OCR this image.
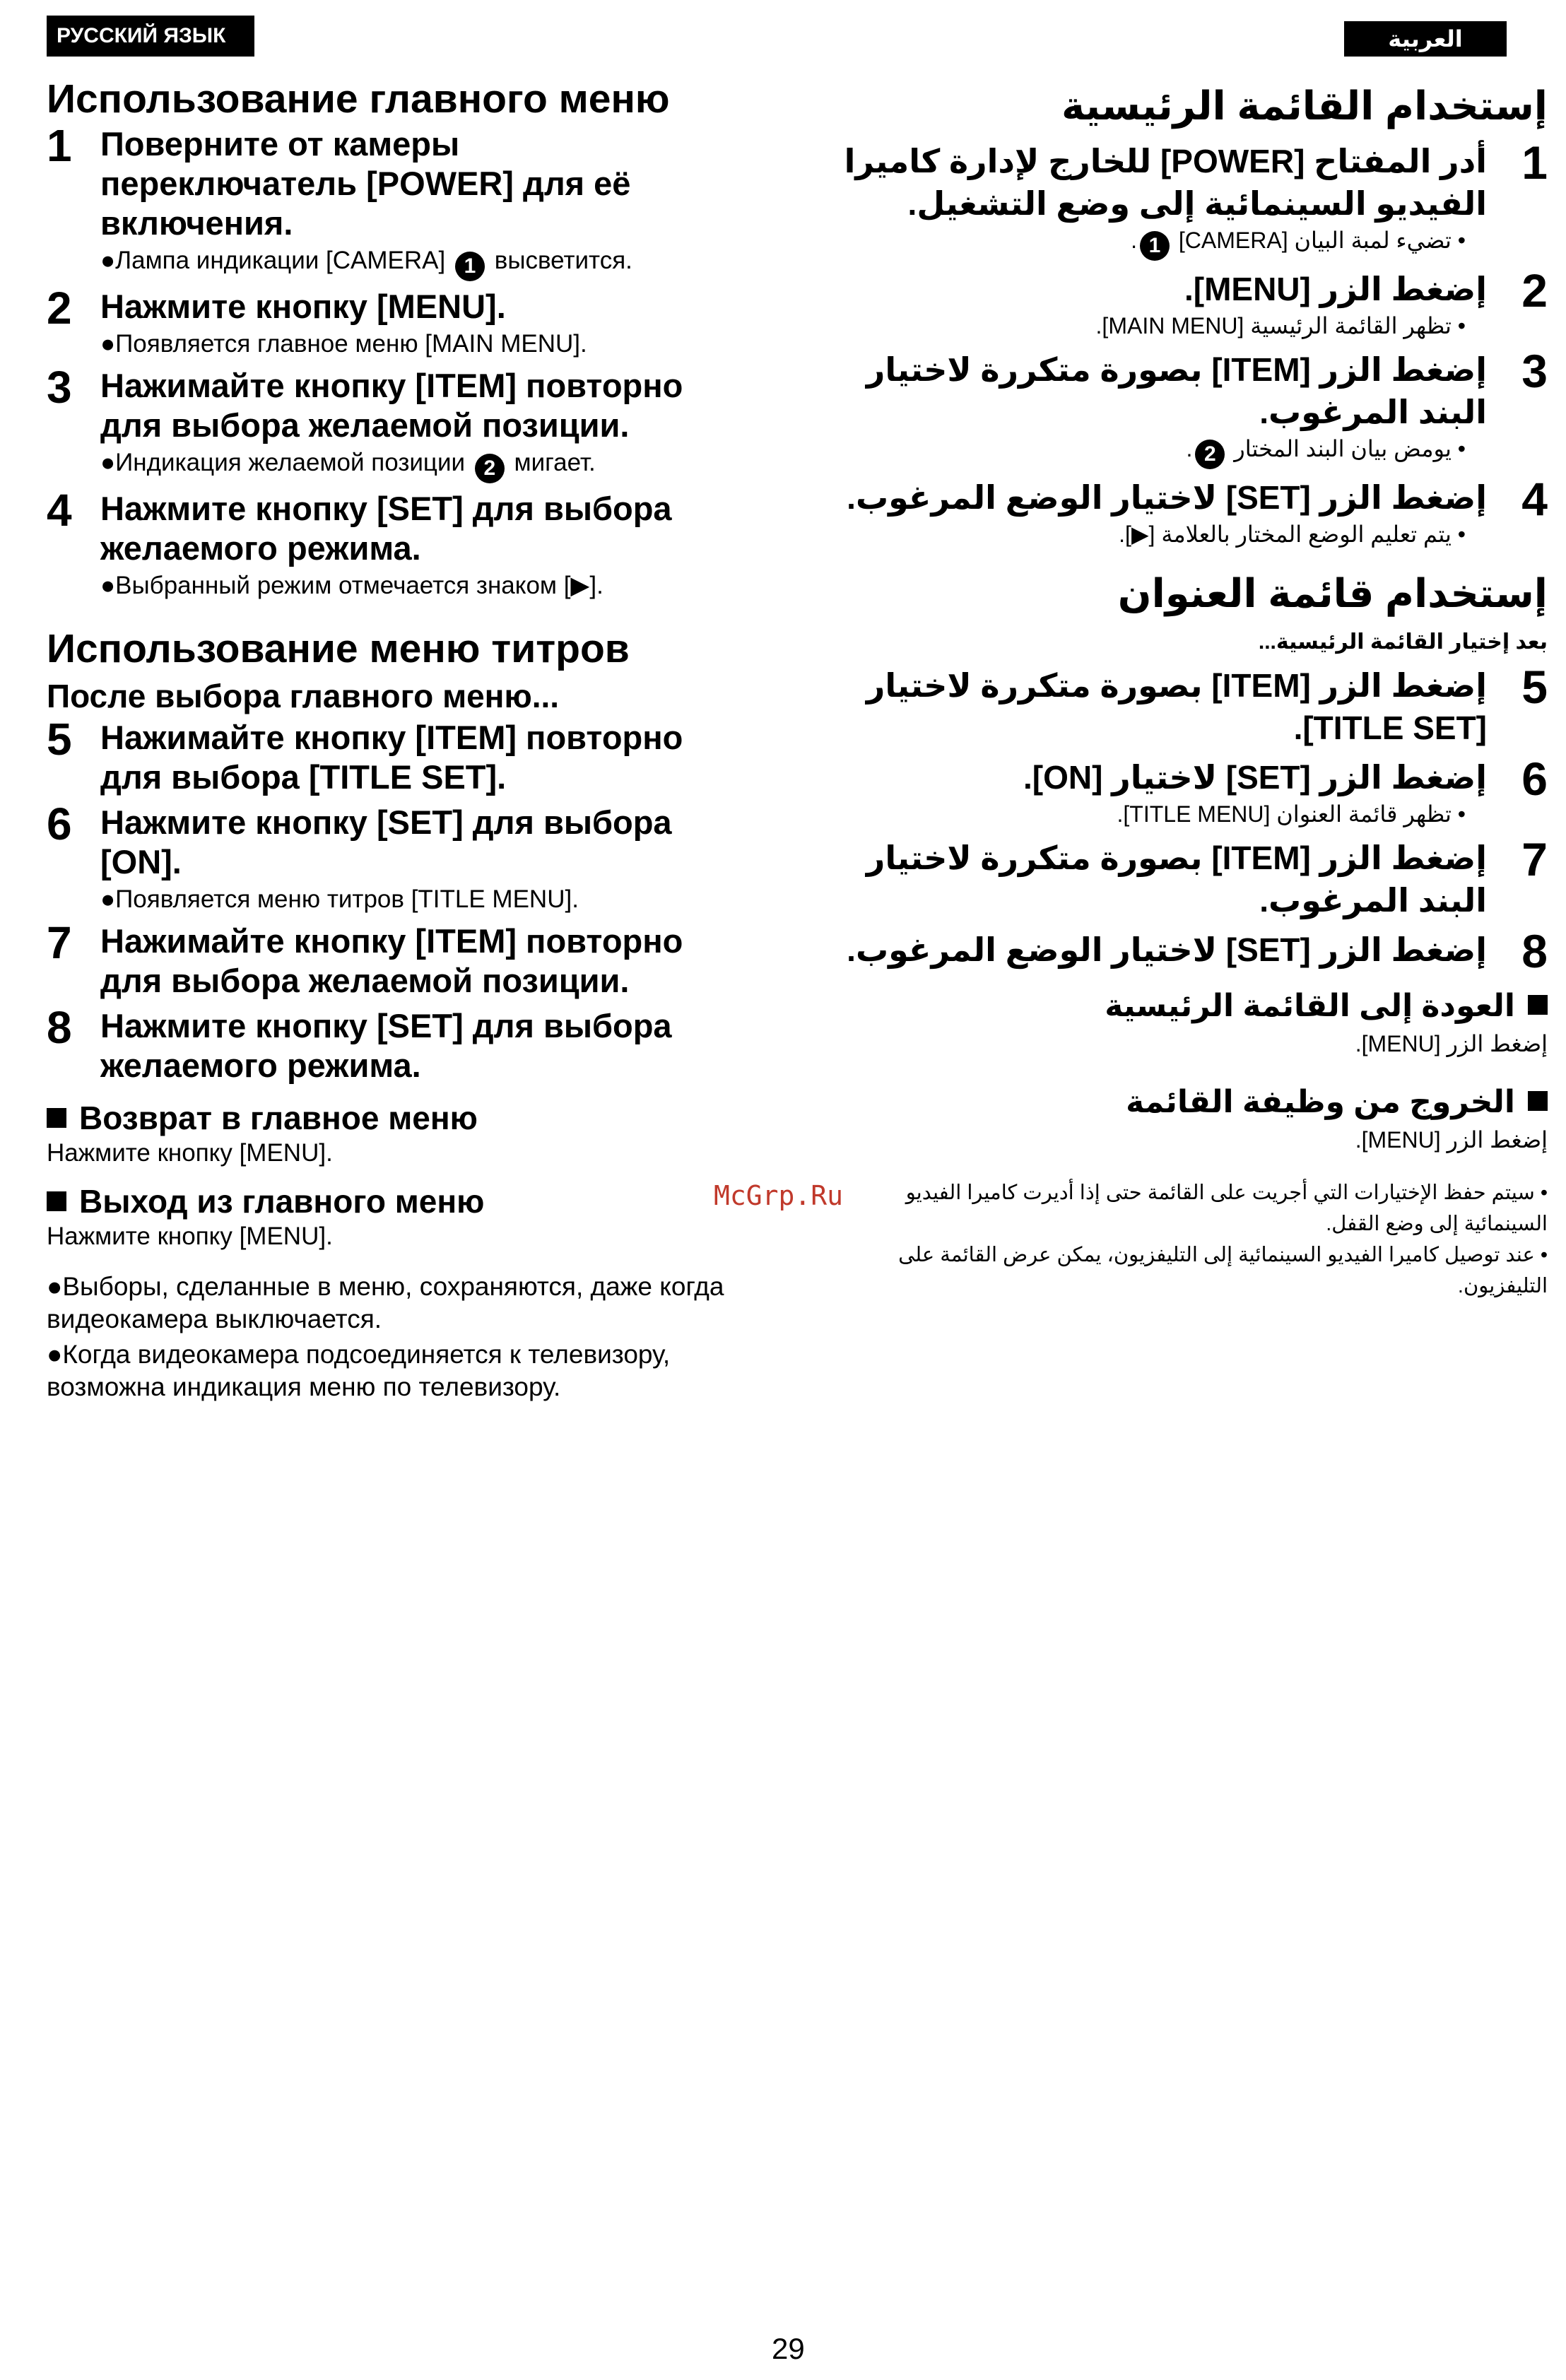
РУССКИЙ ЯЗЫК	العربية
Использование главного меню
1 Поверните от камеры переключатель [POWER] для её включения.
●Лампа индикации [CAMERA] 1 высветится.
2 Нажмите кнопку [MENU].
●Появляется главное меню [MAIN MENU].
3 Нажимайте кнопку [ITEM] повторно для выбора желаемой позиции.
●Индикация желаемой позиции 2 мигает.
4 Нажмите кнопку [SET] для выбора желаемого режима.
●Выбранный режим отмечается знаком [▶].
Использование меню титров
После выбора главного меню...
5 Нажимайте кнопку [ITEM] повторно для выбора [TITLE SET].
6 Нажмите кнопку [SET] для выбора [ON].
●Появляется меню титров [TITLE MENU].
7 Нажимайте кнопку [ITEM] повторно для выбора желаемой позиции.
8 Нажмите кнопку [SET] для выбора желаемого режима.
Возврат в главное меню
Нажмите кнопку [MENU].
Выход из главного меню
Нажмите кнопку [MENU].
●Выборы, сделанные в меню, сохраняются, даже когда видеокамера выключается.
●Когда видеокамера подсоединяется к телевизору, возможна индикация меню по телевизору.
إستخدام القائمة الرئيسية
1
أدر المفتاح [POWER] للخارج لإدارة كاميرا الفيديو السينمائية إلى وضع التشغيل.
• تضيء لمبة البيان [CAMERA] 1.
2
إضغط الزر [MENU].
• تظهر القائمة الرئيسية [MAIN MENU].
3
إضغط الزر [ITEM] بصورة متكررة لاختيار البند المرغوب.
• يومض بيان البند المختار 2.
4
إضغط الزر [SET] لاختيار الوضع المرغوب.
• يتم تعليم الوضع المختار بالعلامة [▶].
إستخدام قائمة العنوان
بعد إختيار القائمة الرئيسية...
5
إضغط الزر [ITEM] بصورة متكررة لاختيار [TITLE SET].
6
إضغط الزر [SET] لاختيار [ON].
• تظهر قائمة العنوان [TITLE MENU].
7
إضغط الزر [ITEM] بصورة متكررة لاختيار البند المرغوب.
8
إضغط الزر [SET] لاختيار الوضع المرغوب.
العودة إلى القائمة الرئيسية
إضغط الزر [MENU].
الخروج من وظيفة القائمة
إضغط الزر [MENU].
• سيتم حفظ الإختيارات التي أجريت على القائمة حتى إذا أديرت كاميرا الفيديو السينمائية إلى وضع القفل.
• عند توصيل كاميرا الفيديو السينمائية إلى التليفزيون، يمكن عرض القائمة على التليفزيون.
McGrp.Ru
29
